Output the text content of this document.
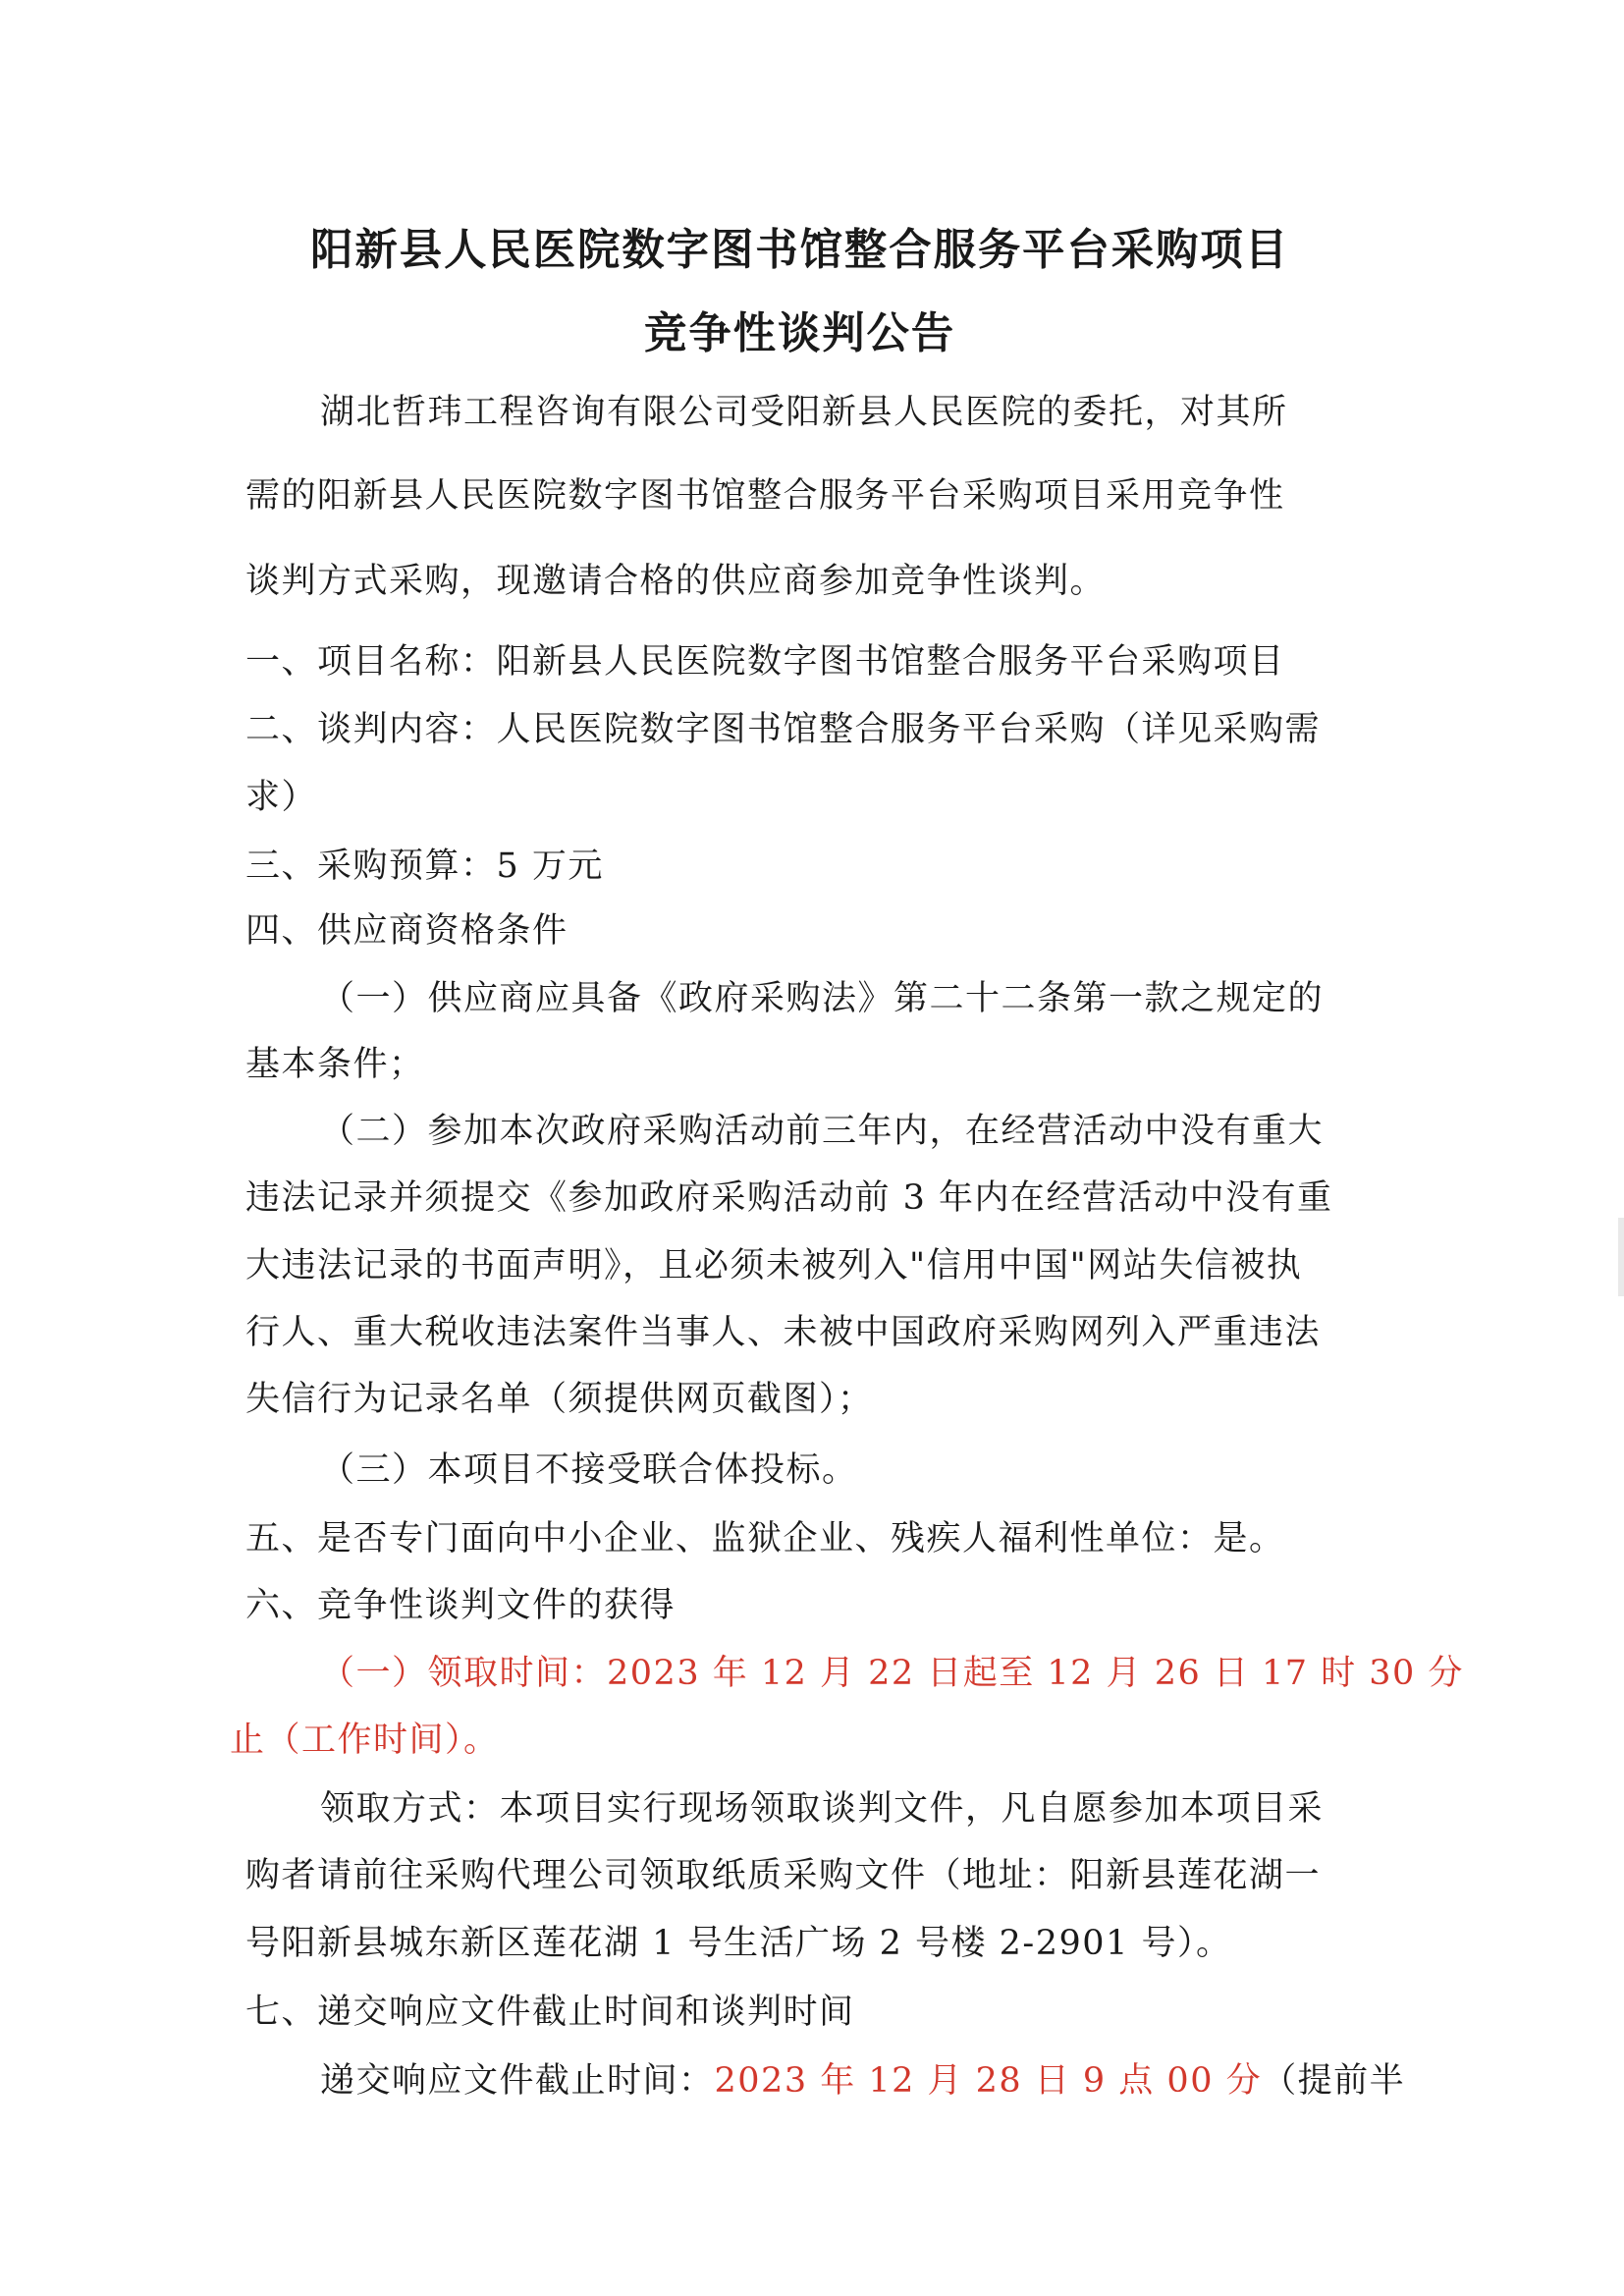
阳新县人民医院数字图书馆整合服务平台采购项目
竞争性谈判公告
湖北哲玮工程咨询有限公司受阳新县人民医院的委托，对其所
需的阳新县人民医院数字图书馆整合服务平台采购项目采用竞争性
谈判方式采购，现邀请合格的供应商参加竞争性谈判。
一、项目名称：阳新县人民医院数字图书馆整合服务平台采购项目
二、谈判内容：人民医院数字图书馆整合服务平台采购（详见采购需
求）
三、采购预算：5 万元
四、供应商资格条件
（一）供应商应具备《政府采购法》第二十二条第一款之规定的
基本条件；
（二）参加本次政府采购活动前三年内，在经营活动中没有重大
违法记录并须提交《参加政府采购活动前 3 年内在经营活动中没有重
大违法记录的书面声明》，且必须未被列入"信用中国"网站失信被执
行人、重大税收违法案件当事人、未被中国政府采购网列入严重违法
失信行为记录名单（须提供网页截图）；
（三）本项目不接受联合体投标。
五、是否专门面向中小企业、监狱企业、残疾人福利性单位：是。
六、竞争性谈判文件的获得
（一）领取时间：2023 年 12 月 22 日起至 12 月 26 日 17 时 30 分
止（工作时间）。
领取方式：本项目实行现场领取谈判文件，凡自愿参加本项目采
购者请前往采购代理公司领取纸质采购文件（地址：阳新县莲花湖一
号阳新县城东新区莲花湖 1 号生活广场 2 号楼 2-2901 号）。
七、递交响应文件截止时间和谈判时间
递交响应文件截止时间：2023 年 12 月 28 日 9 点 00 分（提前半
